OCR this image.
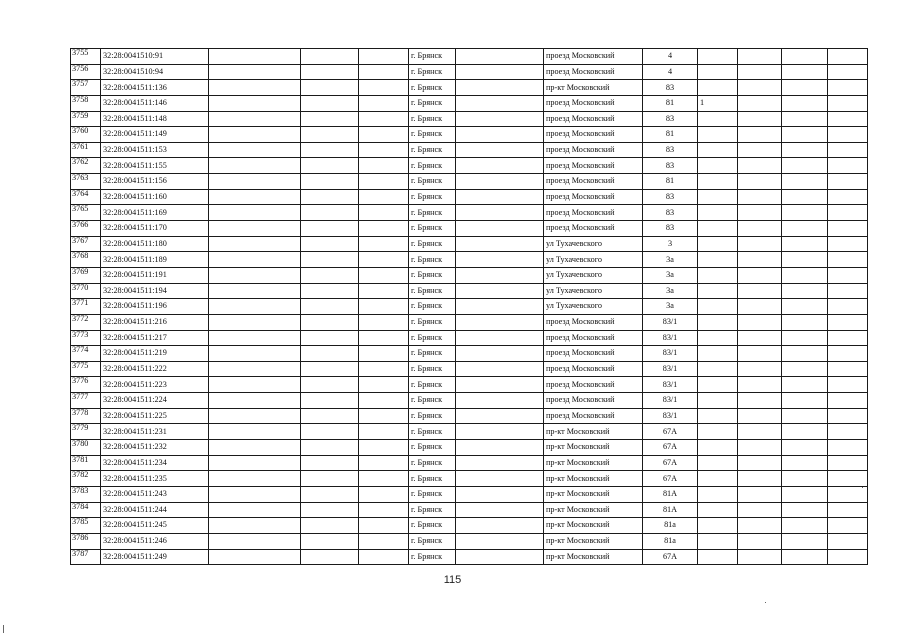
3755	32:28:0041510:91				г. Брянск		проезд Московский	4				
3756	32:28:0041510:94				г. Брянск		проезд Московский	4				
3757	32:28:0041511:136				г. Брянск		пр-кт Московский	83				
3758	32:28:0041511:146				г. Брянск		проезд Московский	81	1			
3759	32:28:0041511:148				г. Брянск		проезд Московский	83				
3760	32:28:0041511:149				г. Брянск		проезд Московский	81				
3761	32:28:0041511:153				г. Брянск		проезд Московский	83				
3762	32:28:0041511:155				г. Брянск		проезд Московский	83				
3763	32:28:0041511:156				г. Брянск		проезд Московский	81				
3764	32:28:0041511:160				г. Брянск		проезд Московский	83				
3765	32:28:0041511:169				г. Брянск		проезд Московский	83				
3766	32:28:0041511:170				г. Брянск		проезд Московский	83				
3767	32:28:0041511:180				г. Брянск		ул Тухачевского	3				
3768	32:28:0041511:189				г. Брянск		ул Тухачевского	3а				
3769	32:28:0041511:191				г. Брянск		ул Тухачевского	3а				
3770	32:28:0041511:194				г. Брянск		ул Тухачевского	3а				
3771	32:28:0041511:196				г. Брянск		ул Тухачевского	3а				
3772	32:28:0041511:216				г. Брянск		проезд Московский	83/1				
3773	32:28:0041511:217				г. Брянск		проезд Московский	83/1				
3774	32:28:0041511:219				г. Брянск		проезд Московский	83/1				
3775	32:28:0041511:222				г. Брянск		проезд Московский	83/1				
3776	32:28:0041511:223				г. Брянск		проезд Московский	83/1				
3777	32:28:0041511:224				г. Брянск		проезд Московский	83/1				
3778	32:28:0041511:225				г. Брянск		проезд Московский	83/1				
3779	32:28:0041511:231				г. Брянск		пр-кт Московский	67А				
3780	32:28:0041511:232				г. Брянск		пр-кт Московский	67А				
3781	32:28:0041511:234				г. Брянск		пр-кт Московский	67А				
3782	32:28:0041511:235				г. Брянск		пр-кт Московский	67А				
3783	32:28:0041511:243				г. Брянск		пр-кт Московский	81А				
3784	32:28:0041511:244				г. Брянск		пр-кт Московский	81А				
3785	32:28:0041511:245				г. Брянск		пр-кт Московский	81а				
3786	32:28:0041511:246				г. Брянск		пр-кт Московский	81а				
3787	32:28:0041511:249				г. Брянск		пр-кт Московский	67А				
115
